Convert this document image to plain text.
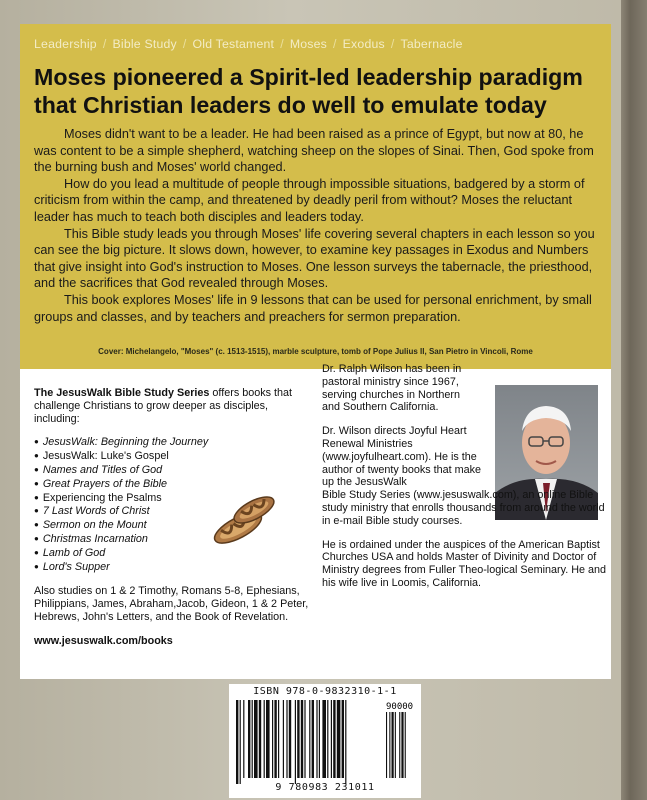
Leadership / Bible Study / Old Testament / Moses / Exodus / Tabernacle
Moses pioneered a Spirit-led leadership paradigm that Christian leaders do well to emulate today

Moses didn't want to be a leader. He had been raised as a prince of Egypt, but now at 80, he was content to be a simple shepherd, watching sheep on the slopes of Sinai. Then, God spoke from the burning bush and Moses' world changed.

How do you lead a multitude of people through impossible situations, badgered by a storm of criticism from within the camp, and threatened by deadly peril from without? Moses the reluctant leader has much to teach both disciples and leaders today.

This Bible study leads you through Moses' life covering several chapters in each lesson so you can see the big picture. It slows down, however, to examine key passages in Exodus and Numbers that give insight into God's instruction to Moses. One lesson surveys the tabernacle, the priesthood, and the sacrifices that God revealed through Moses.

This book explores Moses' life in 9 lessons that can be used for personal enrichment, by small groups and classes, and by teachers and preachers for sermon preparation.

Cover: Michelangelo, "Moses" (c. 1513-1515), marble sculpture, tomb of Pope Julius II, San Pietro in Vincoli, Rome
The JesusWalk Bible Study Series offers books that challenge Christians to grow deeper as disciples, including:
● JesusWalk: Beginning the Journey
● JesusWalk: Luke's Gospel
● Names and Titles of God
● Great Prayers of the Bible
● Experiencing the Psalms
● 7 Last Words of Christ
● Sermon on the Mount
● Christmas Incarnation
● Lamb of God
● Lord's Supper
Also studies on 1 & 2 Timothy, Romans 5-8, Ephesians, Philippians, James, Abraham,Jacob, Gideon, 1 & 2 Peter, Hebrews, John's Letters, and the Book of Revelation.
www.jesuswalk.com/books

Dr. Ralph Wilson has been in pastoral ministry since 1967, serving churches in Northern and Southern California.

Dr. Wilson directs Joyful Heart Renewal Ministries (www.joyfulheart.com). He is the author of twenty books that make up the JesusWalk
Bible Study Series (www.jesuswalk.com), an online Bible study ministry that enrolls thousands from around the world in e-mail Bible study courses.

He is ordained under the auspices of the American Baptist Churches USA and holds Master of Divinity and Doctor of Ministry degrees from Fuller Theo-logical Seminary. He and his wife live in Loomis, California.

ISBN 978-0-9832310-1-1
90000
9 780983 231011
